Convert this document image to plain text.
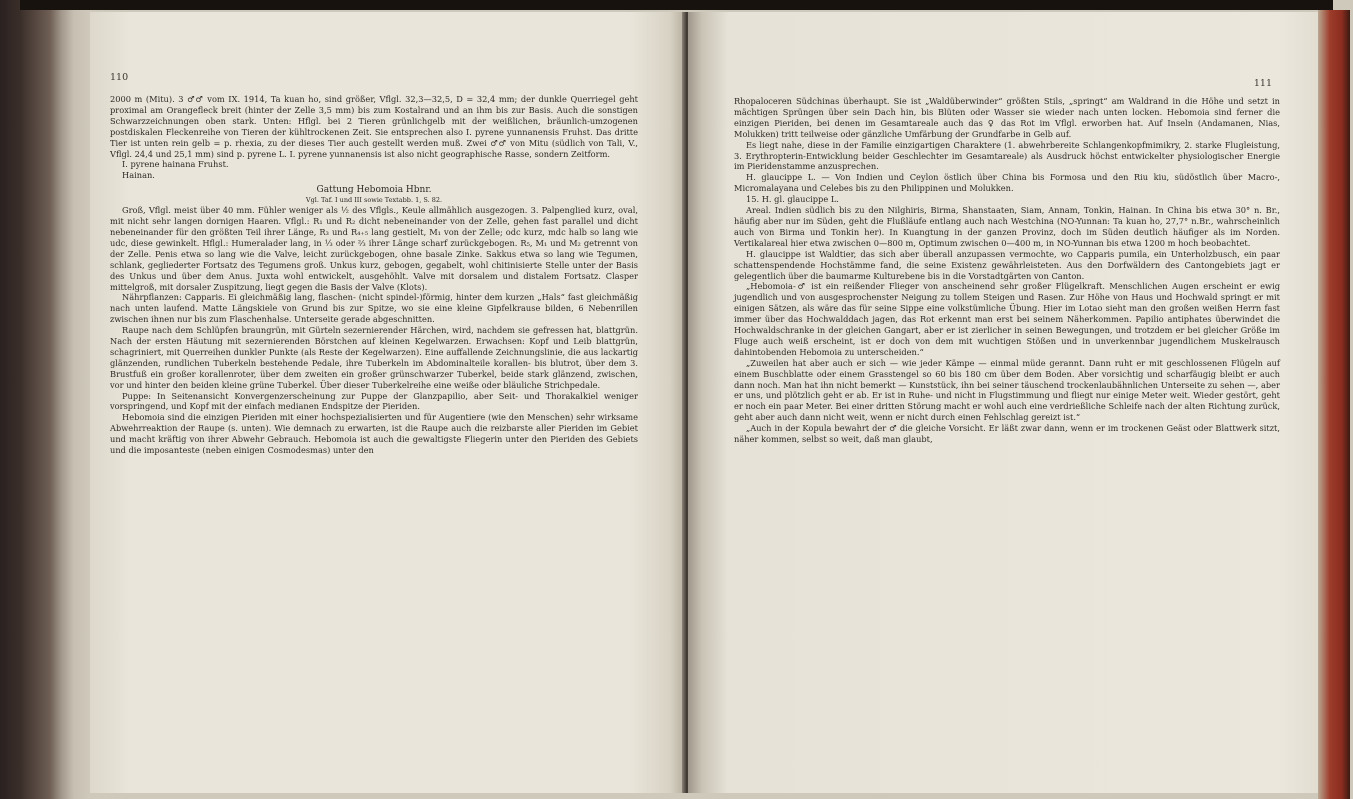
110

2000 m (Mitu). 3 ♂♂ vom IX. 1914, Ta kuan ho, sind größer, Vflgl. 32,3—32,5, D = 32,4 mm; der dunkle Querriegel geht proximal am Orangefleck breit (hinter der Zelle 3,5 mm) bis zum Kostalrand und an ihm bis zur Basis. Auch die sonstigen Schwarzzeichnungen oben stark. Unten: Hflgl. bei 2 Tieren grünlichgelb mit der weißlichen, bräunlich-umzogenen postdiskalen Fleckenreihe von Tieren der kühltrockenen Zeit. Sie entsprechen also I. pyrene yunnanensis Fruhst. Das dritte Tier ist unten rein gelb = p. rhexia, zu der dieses Tier auch gestellt werden muß. Zwei ♂♂ von Mitu (südlich von Tali, V., Vflgl. 24,4 und 25,1 mm) sind p. pyrene L. I. pyrene yunnanensis ist also nicht geographische Rasse, sondern Zeitform.

I. pyrene hainana Fruhst.

Hainan.

Gattung Hebomoia Hbnr.
Vgl. Taf. I und III sowie Textabb. 1, S. 82.

Groß, Vflgl. meist über 40 mm. Fühler weniger als ½ des Vflgls., Keule allmählich ausgezogen. 3. Palpenglied kurz, oval, mit nicht sehr langen dornigen Haaren. Vflgl.: R₁ und R₂ dicht nebeneinander von der Zelle, gehen fast parallel und dicht nebeneinander für den größten Teil ihrer Länge, R₃ und R₄₊₅ lang gestielt, M₁ von der Zelle; odc kurz, mdc halb so lang wie udc, diese gewinkelt. Hflgl.: Humeralader lang, in ⅓ oder ⅔ ihrer Länge scharf zurückgebogen. R₅, M₁ und M₂ getrennt von der Zelle. Penis etwa so lang wie die Valve, leicht zurückgebogen, ohne basale Zinke. Sakkus etwa so lang wie Tegumen, schlank, gegliederter Fortsatz des Tegumens groß. Unkus kurz, gebogen, gegabelt, wohl chitinisierte Stelle unter der Basis des Unkus und über dem Anus. Juxta wohl entwickelt, ausgehöhlt. Valve mit dorsalem und distalem Fortsatz. Clasper mittelgroß, mit dorsaler Zuspitzung, liegt gegen die Basis der Valve (Klots).

Nährpflanzen: Capparis. Ei gleichmäßig lang, flaschen- (nicht spindel-)förmig, hinter dem kurzen „Hals“ fast gleichmäßig nach unten laufend. Matte Längskiele von Grund bis zur Spitze, wo sie eine kleine Gipfelkrause bilden, 6 Nebenrillen zwischen ihnen nur bis zum Flaschenhalse. Unterseite gerade abgeschnitten.

Raupe nach dem Schlüpfen braungrün, mit Gürteln sezernierender Härchen, wird, nachdem sie gefressen hat, blattgrün. Nach der ersten Häutung mit sezernierenden Börstchen auf kleinen Kegelwarzen. Erwachsen: Kopf und Leib blattgrün, schagriniert, mit Querreihen dunkler Punkte (als Reste der Kegelwarzen). Eine auffallende Zeichnungslinie, die aus lackartig glänzenden, rundlichen Tuberkeln bestehende Pedale, ihre Tuberkeln im Abdominalteile korallen- bis blutrot, über dem 3. Brustfuß ein großer korallenroter, über dem zweiten ein großer grünschwarzer Tuberkel, beide stark glänzend, zwischen, vor und hinter den beiden kleine grüne Tuberkel. Über dieser Tuberkelreihe eine weiße oder bläuliche Strichpedale.

Puppe: In Seitenansicht Konvergenzerscheinung zur Puppe der Glanzpapilio, aber Seit- und Thorakalkiel weniger vorspringend, und Kopf mit der einfach medianen Endspitze der Pieriden.

Hebomoia sind die einzigen Pieriden mit einer hochspezialisierten und für Augentiere (wie den Menschen) sehr wirksame Abwehrreaktion der Raupe (s. unten). Wie demnach zu erwarten, ist die Raupe auch die reizbarste aller Pieriden im Gebiet und macht kräftig von ihrer Abwehr Gebrauch. Hebomoia ist auch die gewaltigste Fliegerin unter den Pieriden des Gebiets und die imposanteste (neben einigen Cosmodesmas) unter den

111

Rhopaloceren Südchinas überhaupt. Sie ist „Waldüberwinder“ größten Stils, „springt“ am Waldrand in die Höhe und setzt in mächtigen Sprüngen über sein Dach hin, bis Blüten oder Wasser sie wieder nach unten locken. Hebomoia sind ferner die einzigen Pieriden, bei denen im Gesamtareale auch das ♀ das Rot im Vflgl. erworben hat. Auf Inseln (Andamanen, Nias, Molukken) tritt teilweise oder gänzliche Umfärbung der Grundfarbe in Gelb auf.

Es liegt nahe, diese in der Familie einzigartigen Charaktere (1. abwehrbereite Schlangenkopfmimikry, 2. starke Flugleistung, 3. Erythropterin-Entwicklung beider Geschlechter im Gesamtareale) als Ausdruck höchst entwickelter physiologischer Energie im Pieridenstamme anzusprechen.

H. glaucippe L. — Von Indien und Ceylon östlich über China bis Formosa und den Riu kiu, südöstlich über Macro-, Micromalayana und Celebes bis zu den Philippinen und Molukken.

15. H. gl. glaucippe L.

Areal. Indien südlich bis zu den Nilghiris, Birma, Shanstaaten, Siam, Annam, Tonkin, Hainan. In China bis etwa 30° n. Br., häufig aber nur im Süden, geht die Flußläufe entlang auch nach Westchina (NO-Yunnan: Ta kuan ho, 27,7° n.Br., wahrscheinlich auch von Birma und Tonkin her). In Kuangtung in der ganzen Provinz, doch im Süden deutlich häufiger als im Norden. Vertikalareal hier etwa zwischen 0—800 m, Optimum zwischen 0—400 m, in NO-Yunnan bis etwa 1200 m hoch beobachtet.

H. glaucippe ist Waldtier, das sich aber überall anzupassen vermochte, wo Capparis pumila, ein Unterholzbusch, ein paar schattenspendende Hochstämme fand, die seine Existenz gewährleisteten. Aus den Dorfwäldern des Cantongebiets jagt er gelegentlich über die baumarme Kulturebene bis in die Vorstadtgärten von Canton.

„Hebomoia-♂ ist ein reißender Flieger von anscheinend sehr großer Flügelkraft. Menschlichen Augen erscheint er ewig jugendlich und von ausgesprochenster Neigung zu tollem Steigen und Rasen. Zur Höhe von Haus und Hochwald springt er mit einigen Sätzen, als wäre das für seine Sippe eine volkstümliche Übung. Hier im Lotao sieht man den großen weißen Herrn fast immer über das Hochwalddach jagen, das Rot erkennt man erst bei seinem Näherkommen. Papilio antiphates überwindet die Hochwaldschranke in der gleichen Gangart, aber er ist zierlicher in seinen Bewegungen, und trotzdem er bei gleicher Größe im Fluge auch weiß erscheint, ist er doch von dem mit wuchtigen Stößen und in unverkennbar jugendlichem Muskelrausch dahintobenden Hebomoia zu unterscheiden.“

„Zuweilen hat aber auch er sich — wie jeder Kämpe — einmal müde gerannt. Dann ruht er mit geschlossenen Flügeln auf einem Buschblatte oder einem Grasstengel so 60 bis 180 cm über dem Boden. Aber vorsichtig und scharfäugig bleibt er auch dann noch. Man hat ihn nicht bemerkt — Kunststück, ihn bei seiner täuschend trockenlaubähnlichen Unterseite zu sehen —, aber er uns, und plötzlich geht er ab. Er ist in Ruhe- und nicht in Flugstimmung und fliegt nur einige Meter weit. Wieder gestört, geht er noch ein paar Meter. Bei einer dritten Störung macht er wohl auch eine verdrießliche Schleife nach der alten Richtung zurück, geht aber auch dann nicht weit, wenn er nicht durch einen Fehlschlag gereizt ist.“

„Auch in der Kopula bewahrt der ♂ die gleiche Vorsicht. Er läßt zwar dann, wenn er im trockenen Geäst oder Blattwerk sitzt, näher kommen, selbst so weit, daß man glaubt,
